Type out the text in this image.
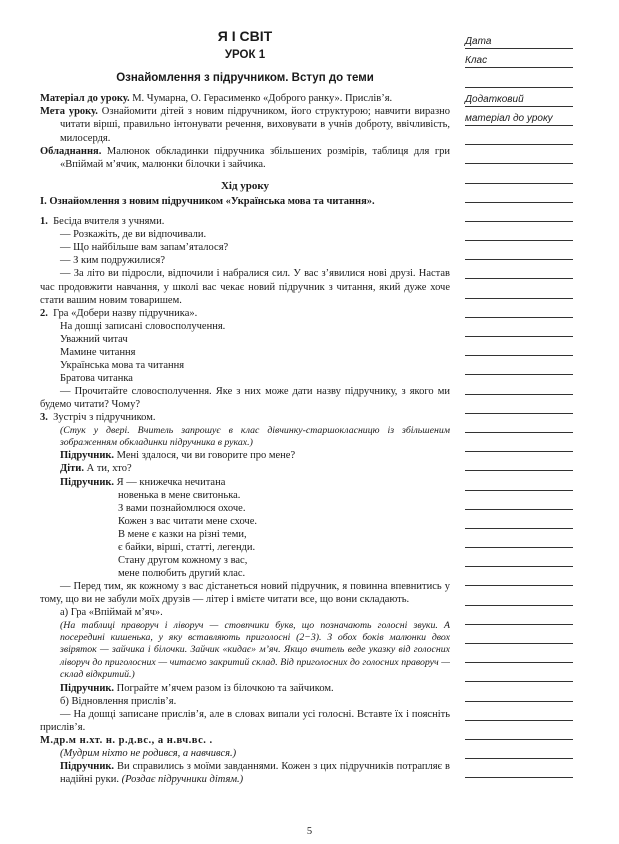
Я І СВІТ
УРОК 1
Ознайомлення з підручником. Вступ до теми

Матеріал до уроку. М. Чумарна, О. Герасименко «Доброго ранку». Прислів’я.

Мета уроку. Ознайомити дітей з новим підручником, його структурою; навчити виразно читати вірші, правильно інтонувати речення, виховувати в учнів доброту, ввічливість, милосердя.

Обладнання. Малюнок обкладинки підручника збільшених розмірів, таблиця для гри «Впіймай м’ячик, малюнки білочки і зайчика.

Хід уроку

I. Ознайомлення з новим підручником «Українська мова та читання».

1. Бесіда вчителя з учнями.

— Розкажіть, де ви відпочивали.

— Що найбільше вам запам’яталося?

— З ким подружилися?

— За літо ви підросли, відпочили і набралися сил. У вас з’явилися нові друзі. Настав час продовжити навчання, у школі вас чекає новий підручник з читання, який дуже хоче стати вашим новим товаришем.

2. Гра «Добери назву підручника».

На дошці записані словосполучення.

Уважний читач

Мамине читання

Українська мова та читання

Братова читанка

— Прочитайте словосполучення. Яке з них може дати назву підручнику, з якого ми будемо читати? Чому?

3. Зустріч з підручником.

(Стук у двері. Вчитель запрошує в клас дівчинку-старшокласницю із збільшеним зображенням обкладинки підручника в руках.)

Підручник. Мені здалося, чи ви говорите про мене?

Діти. А ти, хто?

Підручник. Я — книжечка нечитана

новенька в мене свитонька.

З вами познайомлюся охоче.

Кожен з вас читати мене схоче.

В мене є казки на різні теми,

є байки, вірші, статті, легенди.

Стану другом кожному з вас,

мене полюбить другий клас.

— Перед тим, як кожному з вас дістанеться новий підручник, я повинна впевнитись у тому, що ви не забули моїх друзів — літер і вмієте читати все, що вони складають.

а) Гра «Впіймай м’яч».

(На таблиці праворуч і ліворуч — стовпчики букв, що позначають голосні звуки. А посередині кишенька, у яку вставляють приголосні (2−3). З обох боків малюнки двох звіряток — зайчика і білочки. Зайчик «кидає» м’яч. Якщо вчитель веде указку від голосних ліворуч до приголосних — читаємо закритий склад. Від приголосних до голосних праворуч — склад відкритий.)

Підручник. Пограйте м’ячем разом із білочкою та зайчиком.

б) Відновлення прислів’я.

— На дошці записане прислів’я, але в словах випали усі голосні. Вставте їх і поясніть прислів’я.

М.др.м н.хт. н. р.д.вс., а н.вч.вс. .

(Мудрим ніхто не родився, а навчився.)

Підручник. Ви справились з моїми завданнями. Кожен з цих підручників потрапляє в надійні руки. (Роздає підручники дітям.)

Дата
Клас
Додатковий
матеріал до уроку
5
